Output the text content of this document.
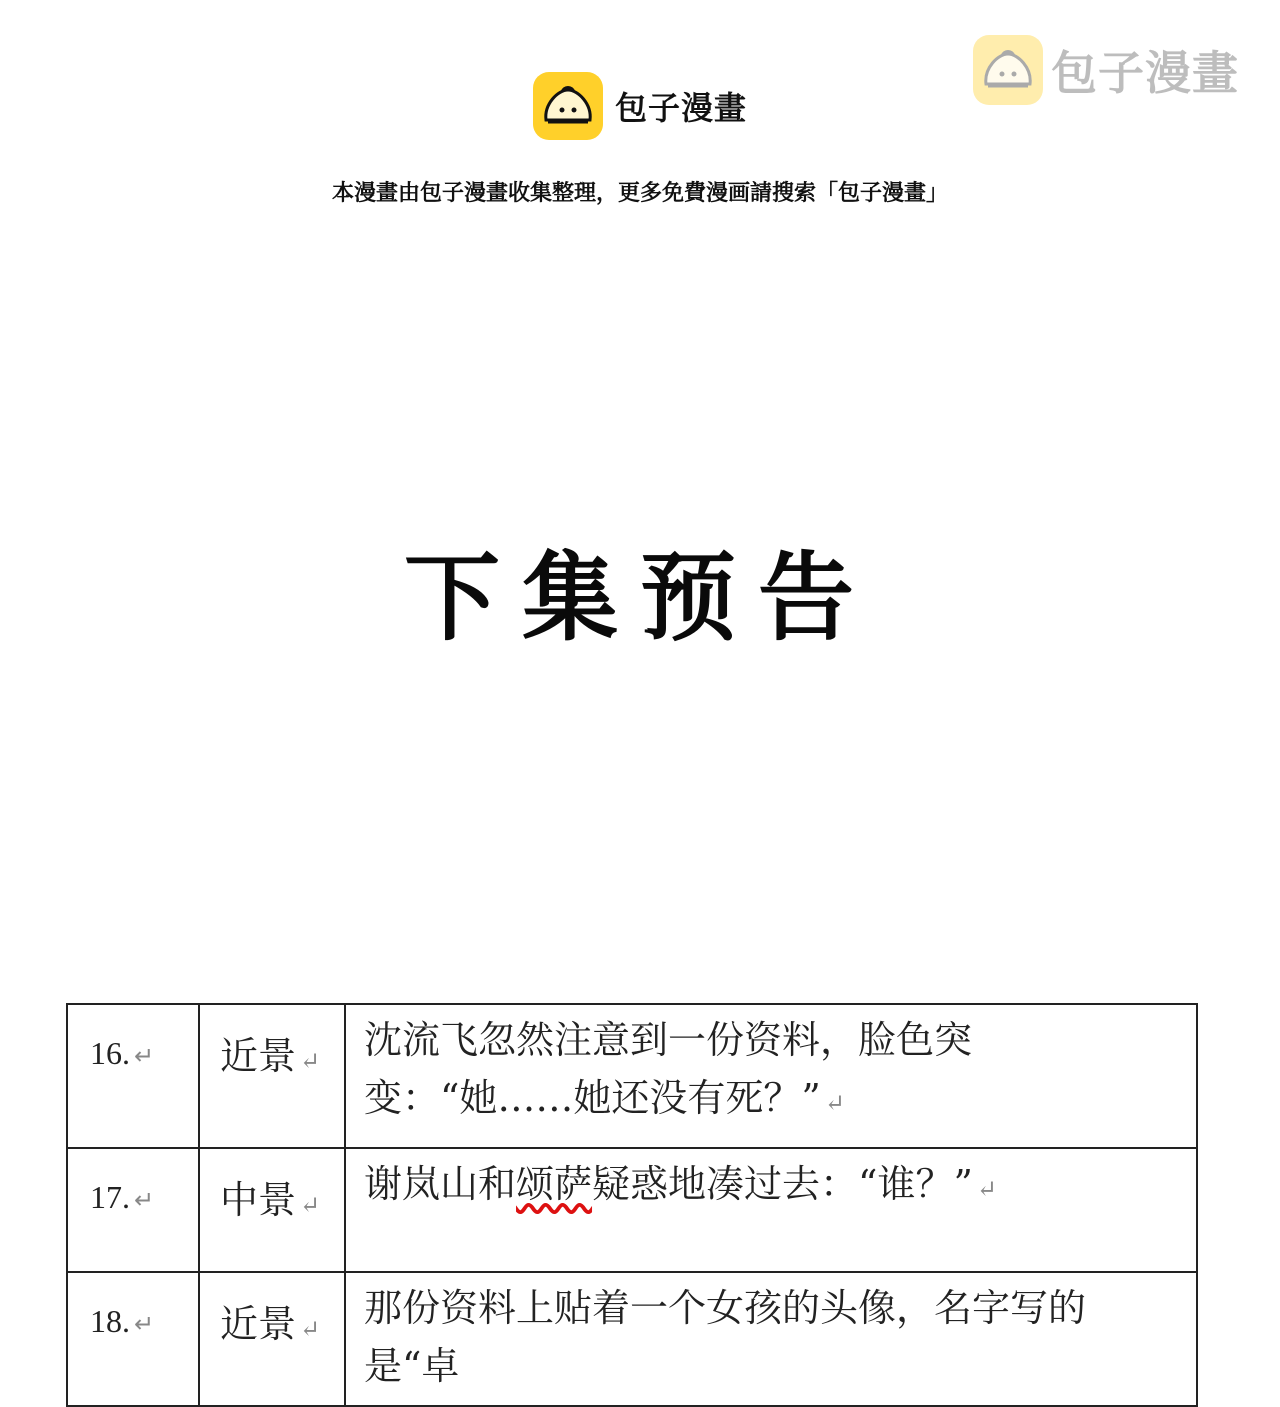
包子漫畫
包子漫畫
本漫畫由包子漫畫收集整理，更多免費漫画請搜索「包子漫畫」
下集预告
16. ↵	近景 ↵	沈流飞忽然注意到一份资料，脸色突变：“她……她还没有死？” ↵
17. ↵	中景 ↵	谢岚山和颂萨疑惑地凑过去：“谁？” ↵
18. ↵	近景 ↵	那份资料上贴着一个女孩的头像，名字写的是“卓
